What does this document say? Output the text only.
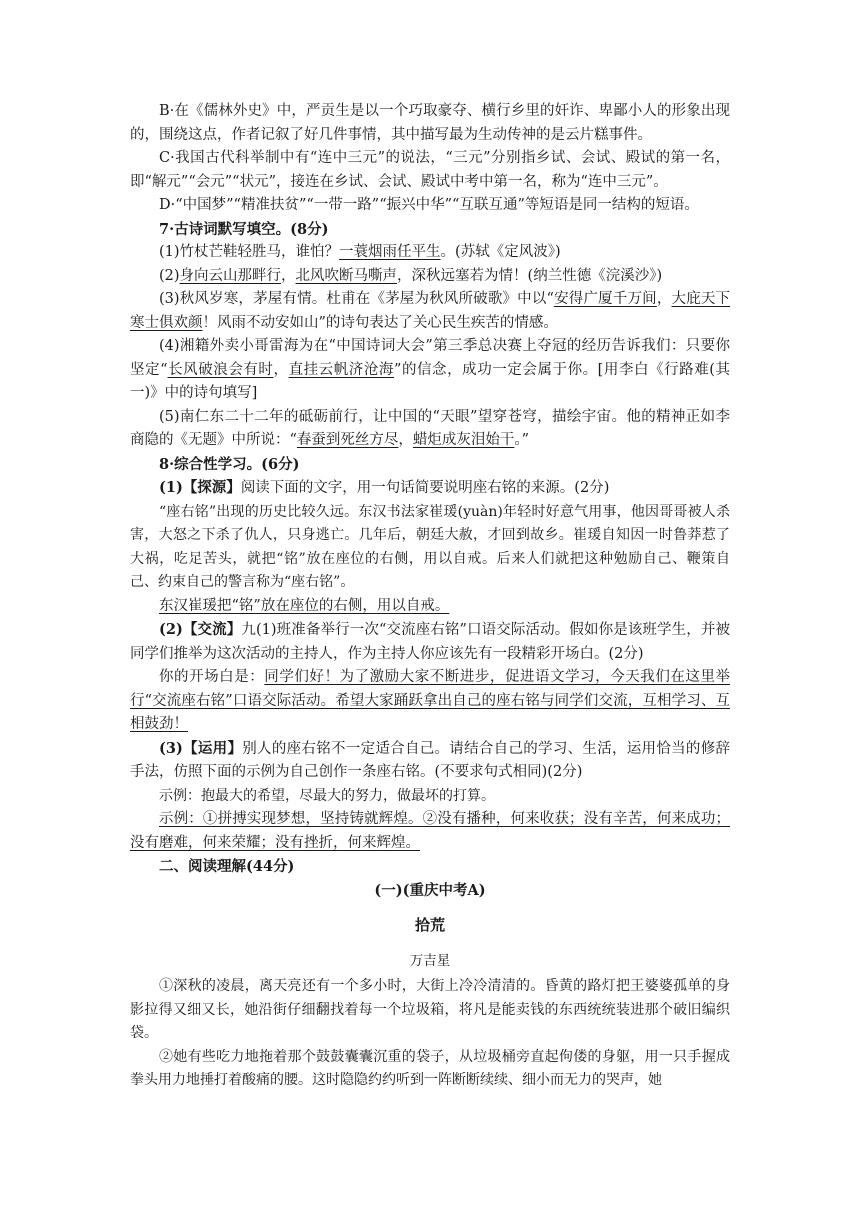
B·在《儒林外史》中，严贡生是以一个巧取豪夺、横行乡里的奸诈、卑鄙小人的形象出现的，围绕这点，作者记叙了好几件事情，其中描写最为生动传神的是云片糕事件。

C·我国古代科举制中有“连中三元”的说法，“三元”分别指乡试、会试、殿试的第一名，即“解元”“会元”“状元”，接连在乡试、会试、殿试中考中第一名，称为“连中三元”。

D·“中国梦”“精准扶贫”“一带一路”“振兴中华”“互联互通”等短语是同一结构的短语。

7·古诗词默写填空。(8分)

(1)竹杖芒鞋轻胜马，谁怕？一蓑烟雨任平生。(苏轼《定风波》)

(2)身向云山那畔行，北风吹断马嘶声，深秋远塞若为情！(纳兰性德《浣溪沙》)

(3)秋风岁寒，茅屋有情。杜甫在《茅屋为秋风所破歌》中以“安得广厦千万间，大庇天下寒士俱欢颜！风雨不动安如山”的诗句表达了关心民生疾苦的情感。

(4)湘籍外卖小哥雷海为在“中国诗词大会”第三季总决赛上夺冠的经历告诉我们：只要你坚定“长风破浪会有时，直挂云帆济沧海”的信念，成功一定会属于你。[用李白《行路难(其一)》中的诗句填写]

(5)南仁东二十二年的砥砺前行，让中国的“天眼”望穿苍穹，描绘宇宙。他的精神正如李商隐的《无题》中所说：“春蚕到死丝方尽，蜡炬成灰泪始干。”

8·综合性学习。(6分)

(1)【探源】阅读下面的文字，用一句话简要说明座右铭的来源。(2分)

“座右铭”出现的历史比较久远。东汉书法家崔瑗(yuàn)年轻时好意气用事，他因哥哥被人杀害，大怒之下杀了仇人，只身逃亡。几年后，朝廷大赦，才回到故乡。崔瑗自知因一时鲁莽惹了大祸，吃足苦头，就把“铭”放在座位的右侧，用以自戒。后来人们就把这种勉励自己、鞭策自己、约束自己的警言称为“座右铭”。

东汉崔瑗把“铭”放在座位的右侧，用以自戒。

(2)【交流】九(1)班准备举行一次“交流座右铭”口语交际活动。假如你是该班学生，并被同学们推举为这次活动的主持人，作为主持人你应该先有一段精彩开场白。(2分)

你的开场白是：同学们好！为了激励大家不断进步，促进语文学习，今天我们在这里举行“交流座右铭”口语交际活动。希望大家踊跃拿出自己的座右铭与同学们交流，互相学习、互相鼓劲！

(3)【运用】别人的座右铭不一定适合自己。请结合自己的学习、生活，运用恰当的修辞手法，仿照下面的示例为自己创作一条座右铭。(不要求句式相同)(2分)

示例：抱最大的希望，尽最大的努力，做最坏的打算。

示例：①拼搏实现梦想，坚持铸就辉煌。②没有播种，何来收获；没有辛苦，何来成功；没有磨难，何来荣耀；没有挫折，何来辉煌。

二、阅读理解(44分)

(一)(重庆中考A)

拾荒

万吉星

①深秋的凌晨，离天亮还有一个多小时，大街上冷冷清清的。昏黄的路灯把王婆婆孤单的身影拉得又细又长，她沿街仔细翻找着每一个垃圾箱，将凡是能卖钱的东西统统装进那个破旧编织袋。

②她有些吃力地拖着那个鼓鼓囊囊沉重的袋子，从垃圾桶旁直起佝偻的身躯，用一只手握成拳头用力地捶打着酸痛的腰。这时隐隐约约听到一阵断断续续、细小而无力的哭声，她
